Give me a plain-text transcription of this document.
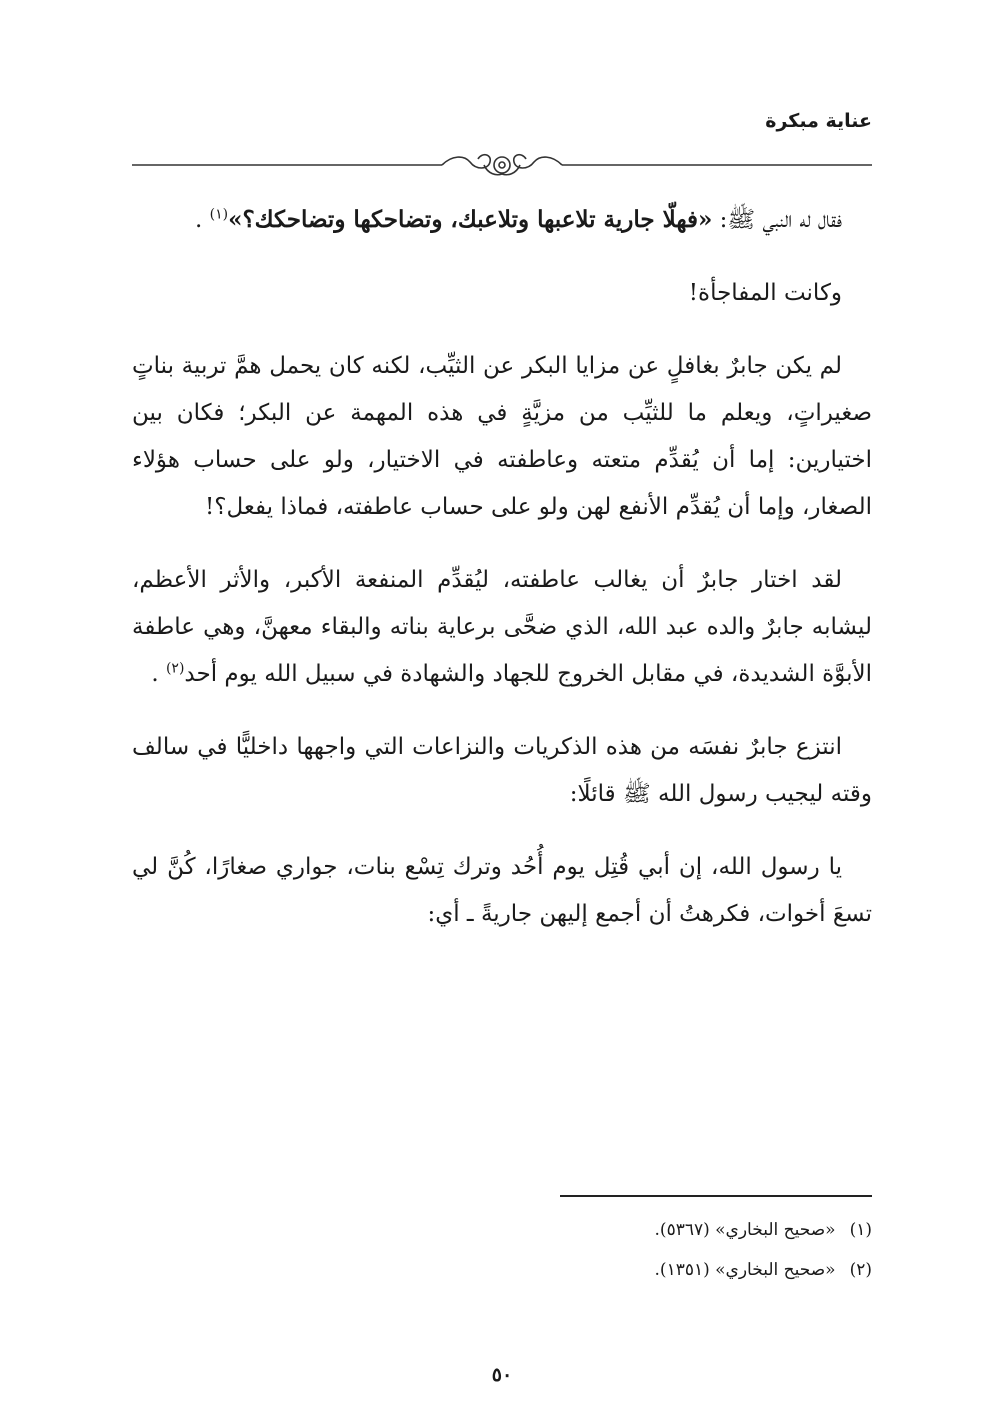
عناية مبكرة

فقال له النبي ﷺ: «فهلّا جارية تلاعبها وتلاعبك، وتضاحكها وتضاحكك؟»$^{(١)}$ .

وكانت المفاجأة!

لم يكن جابرٌ بغافلٍ عن مزايا البكر عن الثيِّب، لكنه كان يحمل همَّ تربية بناتٍ صغيراتٍ، ويعلم ما للثيِّب من مزيَّةٍ في هذه المهمة عن البكر؛ فكان بين اختيارين: إما أن يُقدِّم متعته وعاطفته في الاختيار، ولو على حساب هؤلاء الصغار، وإما أن يُقدِّم الأنفع لهن ولو على حساب عاطفته، فماذا يفعل؟!

لقد اختار جابرٌ أن يغالب عاطفته، ليُقدِّم المنفعة الأكبر، والأثر الأعظم، ليشابه جابرٌ والده عبد الله، الذي ضحَّى برعاية بناته والبقاء معهنَّ، وهي عاطفة الأبوَّة الشديدة، في مقابل الخروج للجهاد والشهادة في سبيل الله يوم أحد$^{(٢)}$ .

انتزع جابرٌ نفسَه من هذه الذكريات والنزاعات التي واجهها داخليًّا في سالف وقته ليجيب رسول الله ﷺ قائلًا:

يا رسول الله، إن أبي قُتِل يوم أُحُد وترك تِسْع بنات، جواري صغارًا، كُنَّ لي تسعَ أخوات، فكرهتُ أن أجمع إليهن جاريةً ـ أي:

(١)«صحيح البخاري» (٥٣٦٧).
(٢)«صحيح البخاري» (١٣٥١).
٥٠
